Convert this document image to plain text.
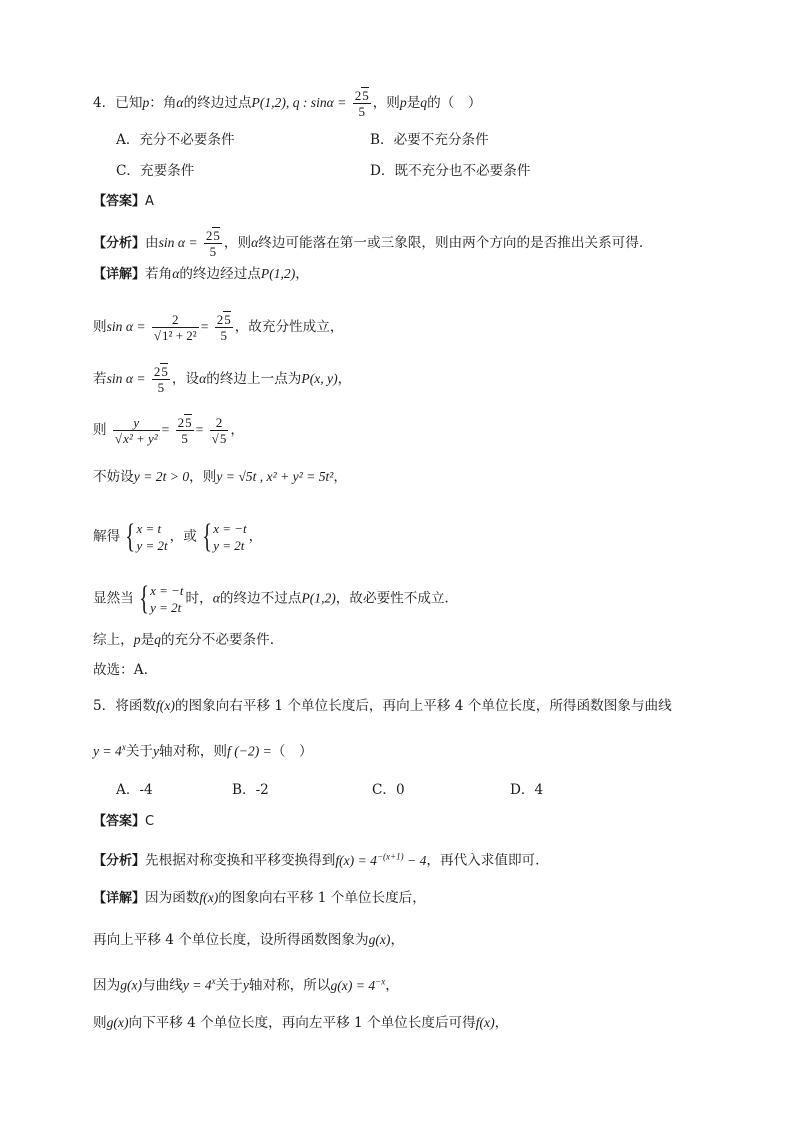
4．已知p：角α的终边过点P(1,2), q : $\sin\alpha = \frac{25}{5}$ ，则p是q的（　）
A．充分不必要条件	B．必要不充分条件
C．充要条件	D．既不充分也不必要条件
【答案】A
【分析】由$\sin \alpha = \frac{25}{5}$ ，则α终边可能落在第一或三象限，则由两个方向的是否推出关系可得.
【详解】若角α的终边经过点P(1,2)，
则$\sin \alpha = \frac{2}{\text{√1² + 2²}} = \frac{25}{5}$ ，故充分性成立，
若$\sin \alpha = \frac{25}{5}$ ，设α的终边上一点为P(x, y)，
则 $\frac{y}{\text{√x² + y²}} = \frac{25}{5} = \frac{2}{√5}$ ，
不妨设y = 2t > 0，则y = √5t , x² + y² = 5t²，
解得 {x = t
y = 2t，或 {x = −t
y = 2t，
显然当 {x = −t
y = 2t时，α的终边不过点P(1,2)，故必要性不成立.
综上，p是q的充分不必要条件.
故选：A.
5．将函数f(x)的图象向右平移 1 个单位长度后，再向上平移 4 个单位长度，所得函数图象与曲线
$y = 4^x$关于y轴对称，则f (−2) =（　）
A．-4	B．-2	C．0	D．4
【答案】C
【分析】先根据对称变换和平移变换得到$f(x) = 4^{-(x+1)} - 4$，再代入求值即可.
【详解】因为函数f(x)的图象向右平移 1 个单位长度后，
再向上平移 4 个单位长度，设所得函数图象为g(x)，
因为g(x)与曲线$y = 4^x$关于y轴对称，所以$g(x) = 4^{-x}$，
则g(x)向下平移 4 个单位长度，再向左平移 1 个单位长度后可得f(x)，
